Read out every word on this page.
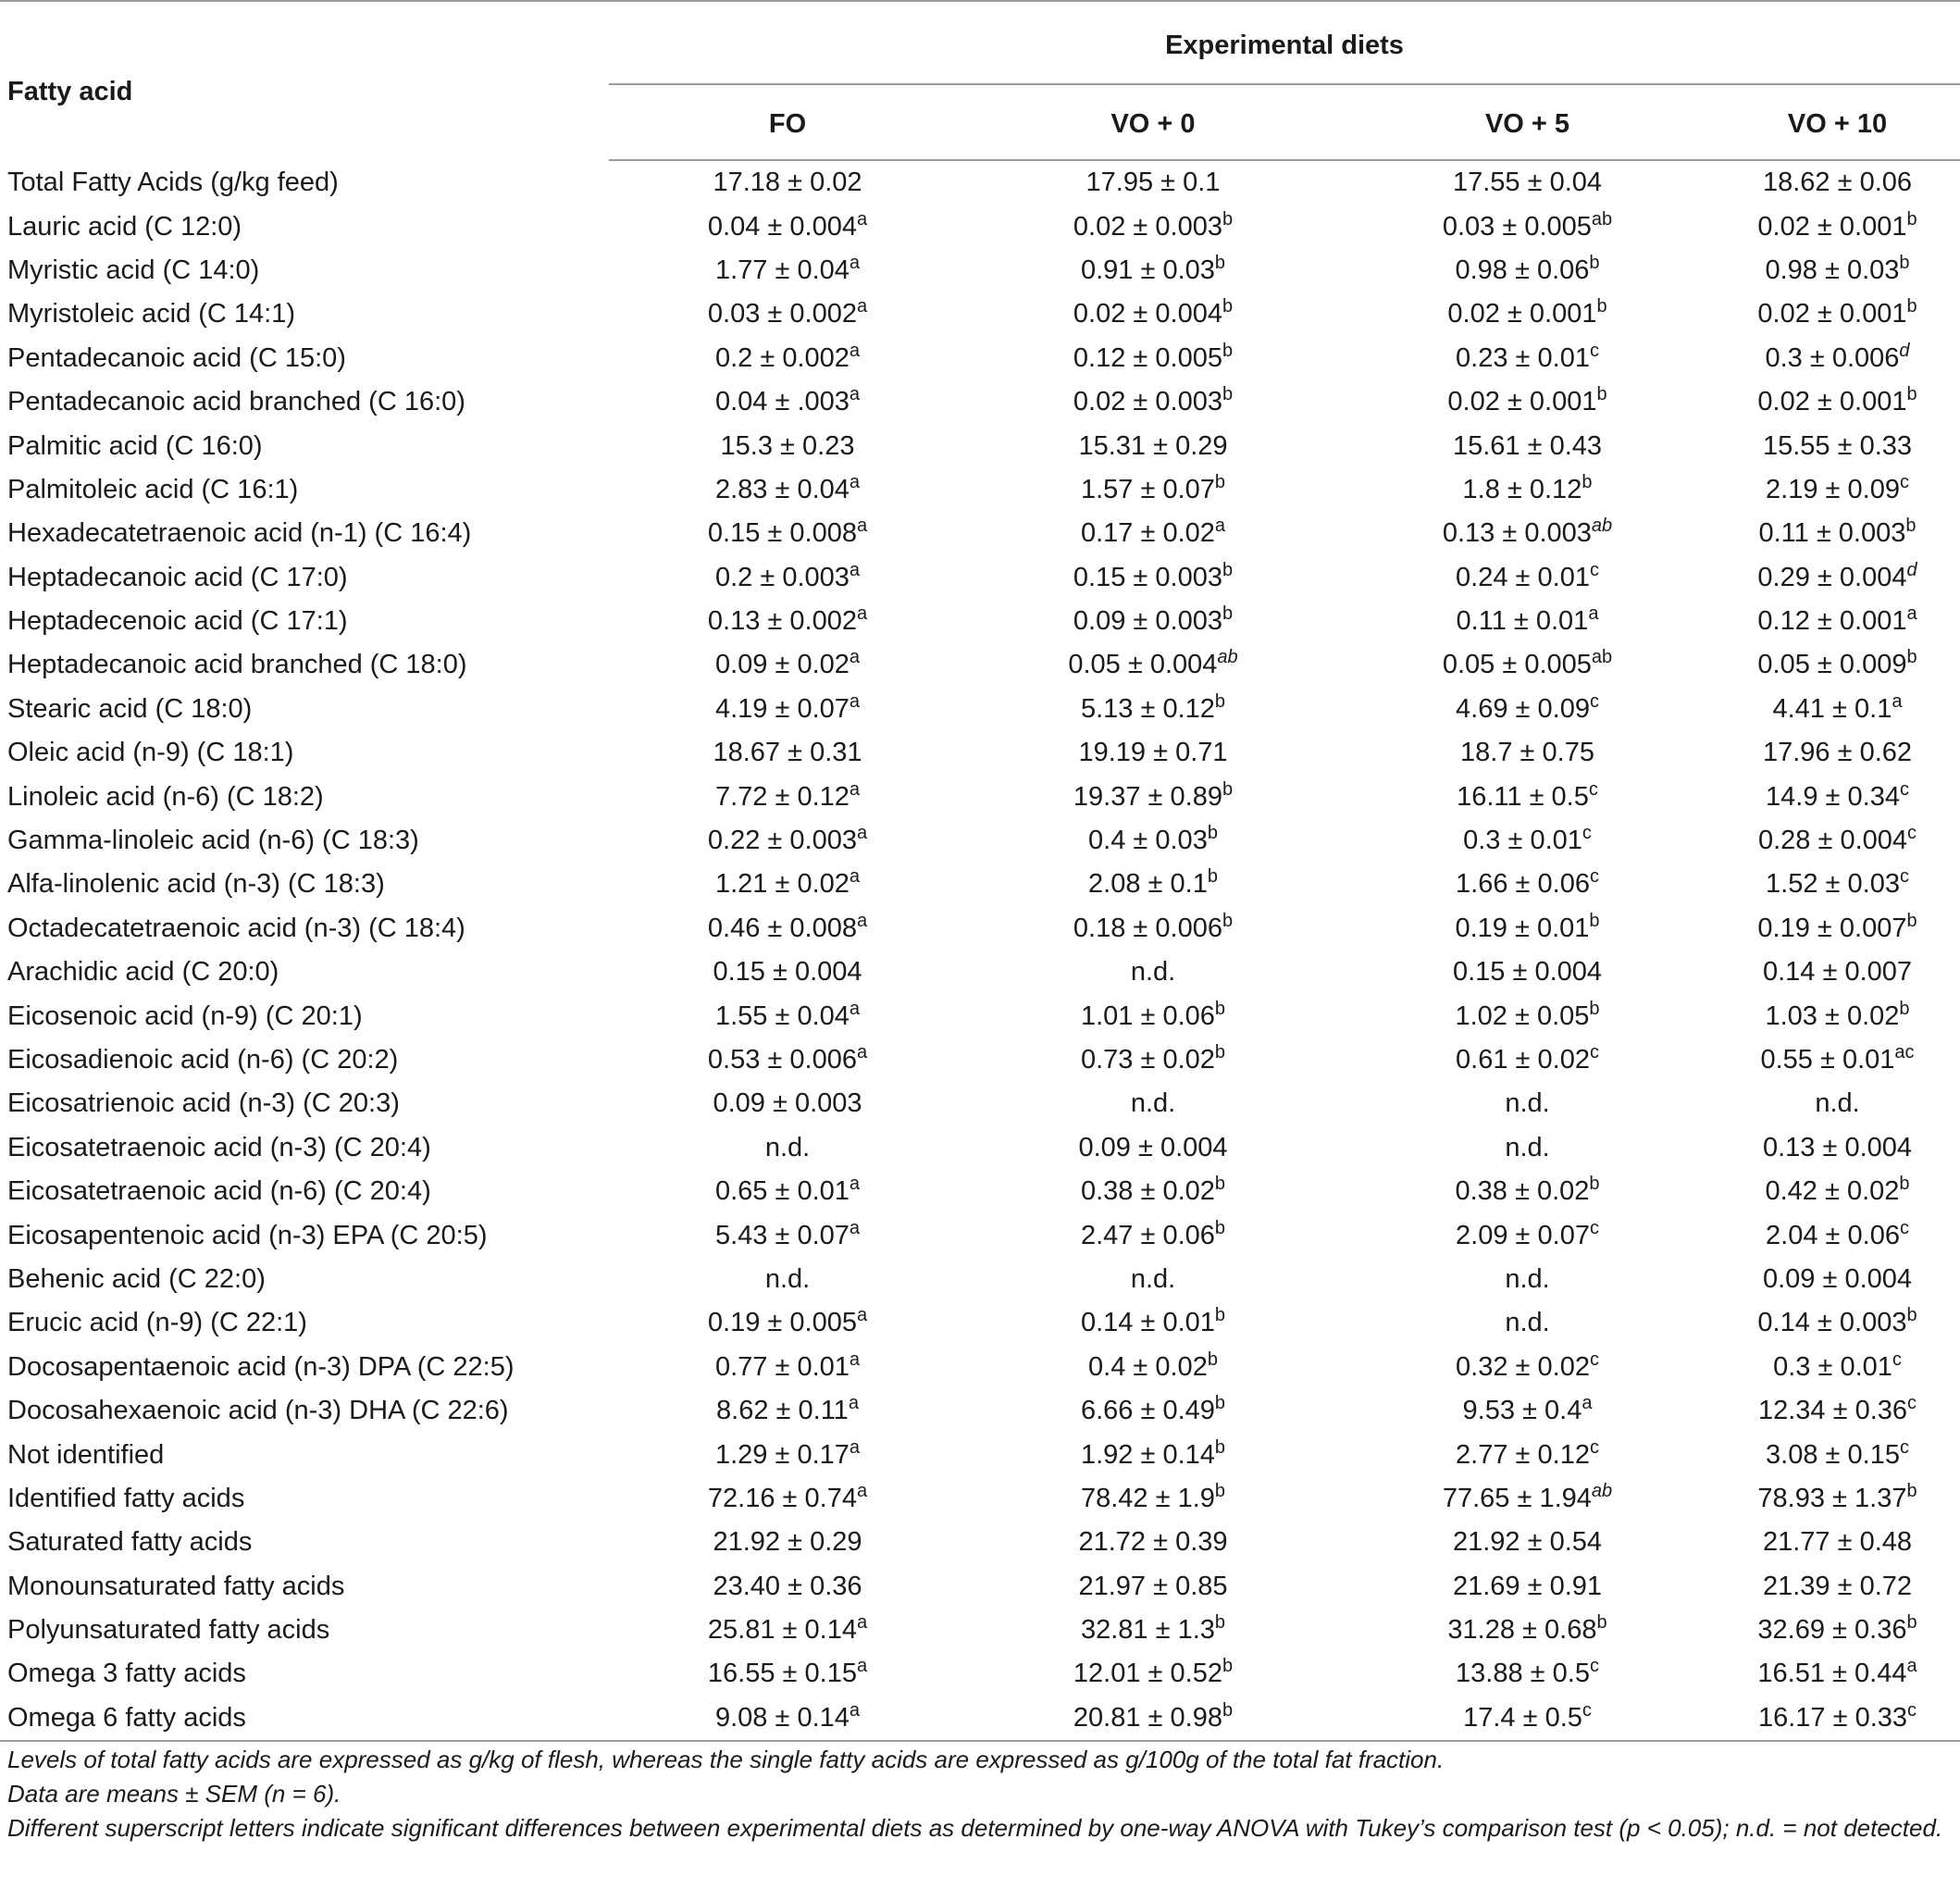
Fatty acid	Experimental diets			
	FO	VO + 0	VO + 5	VO + 10
Total Fatty Acids (g/kg feed)	17.18 ± 0.02	17.95 ± 0.1	17.55 ± 0.04	18.62 ± 0.06
Lauric acid (C 12:0)	0.04 ± 0.004$^a$	0.02 ± 0.003$^b$	0.03 ± 0.005$^{ab}$	0.02 ± 0.001$^b$
Myristic acid (C 14:0)	1.77 ± 0.04$^a$	0.91 ± 0.03$^b$	0.98 ± 0.06$^b$	0.98 ± 0.03$^b$
Myristoleic acid (C 14:1)	0.03 ± 0.002$^a$	0.02 ± 0.004$^b$	0.02 ± 0.001$^b$	0.02 ± 0.001$^b$
Pentadecanoic acid (C 15:0)	0.2 ± 0.002$^a$	0.12 ± 0.005$^b$	0.23 ± 0.01$^c$	0.3 ± 0.006$^d$
Pentadecanoic acid branched (C 16:0)	0.04 ± .003$^a$	0.02 ± 0.003$^b$	0.02 ± 0.001$^b$	0.02 ± 0.001$^b$
Palmitic acid (C 16:0)	15.3 ± 0.23	15.31 ± 0.29	15.61 ± 0.43	15.55 ± 0.33
Palmitoleic acid (C 16:1)	2.83 ± 0.04$^a$	1.57 ± 0.07$^b$	1.8 ± 0.12$^b$	2.19 ± 0.09$^c$
Hexadecatetraenoic acid (n-1) (C 16:4)	0.15 ± 0.008$^a$	0.17 ± 0.02$^a$	0.13 ± 0.003$^{ab}$	0.11 ± 0.003$^b$
Heptadecanoic acid (C 17:0)	0.2 ± 0.003$^a$	0.15 ± 0.003$^b$	0.24 ± 0.01$^c$	0.29 ± 0.004$^d$
Heptadecenoic acid (C 17:1)	0.13 ± 0.002$^a$	0.09 ± 0.003$^b$	0.11 ± 0.01$^a$	0.12 ± 0.001$^a$
Heptadecanoic acid branched (C 18:0)	0.09 ± 0.02$^a$	0.05 ± 0.004$^{ab}$	0.05 ± 0.005$^{ab}$	0.05 ± 0.009$^b$
Stearic acid (C 18:0)	4.19 ± 0.07$^a$	5.13 ± 0.12$^b$	4.69 ± 0.09$^c$	4.41 ± 0.1$^a$
Oleic acid (n-9) (C 18:1)	18.67 ± 0.31	19.19 ± 0.71	18.7 ± 0.75	17.96 ± 0.62
Linoleic acid (n-6) (C 18:2)	7.72 ± 0.12$^a$	19.37 ± 0.89$^b$	16.11 ± 0.5$^c$	14.9 ± 0.34$^c$
Gamma-linoleic acid (n-6) (C 18:3)	0.22 ± 0.003$^a$	0.4 ± 0.03$^b$	0.3 ± 0.01$^c$	0.28 ± 0.004$^c$
Alfa-linolenic acid (n-3) (C 18:3)	1.21 ± 0.02$^a$	2.08 ± 0.1$^b$	1.66 ± 0.06$^c$	1.52 ± 0.03$^c$
Octadecatetraenoic acid (n-3) (C 18:4)	0.46 ± 0.008$^a$	0.18 ± 0.006$^b$	0.19 ± 0.01$^b$	0.19 ± 0.007$^b$
Arachidic acid (C 20:0)	0.15 ± 0.004	n.d.	0.15 ± 0.004	0.14 ± 0.007
Eicosenoic acid (n-9) (C 20:1)	1.55 ± 0.04$^a$	1.01 ± 0.06$^b$	1.02 ± 0.05$^b$	1.03 ± 0.02$^b$
Eicosadienoic acid (n-6) (C 20:2)	0.53 ± 0.006$^a$	0.73 ± 0.02$^b$	0.61 ± 0.02$^c$	0.55 ± 0.01$^{ac}$
Eicosatrienoic acid (n-3) (C 20:3)	0.09 ± 0.003	n.d.	n.d.	n.d.
Eicosatetraenoic acid (n-3) (C 20:4)	n.d.	0.09 ± 0.004	n.d.	0.13 ± 0.004
Eicosatetraenoic acid (n-6) (C 20:4)	0.65 ± 0.01$^a$	0.38 ± 0.02$^b$	0.38 ± 0.02$^b$	0.42 ± 0.02$^b$
Eicosapentenoic acid (n-3) EPA (C 20:5)	5.43 ± 0.07$^a$	2.47 ± 0.06$^b$	2.09 ± 0.07$^c$	2.04 ± 0.06$^c$
Behenic acid (C 22:0)	n.d.	n.d.	n.d.	0.09 ± 0.004
Erucic acid (n-9) (C 22:1)	0.19 ± 0.005$^a$	0.14 ± 0.01$^b$	n.d.	0.14 ± 0.003$^b$
Docosapentaenoic acid (n-3) DPA (C 22:5)	0.77 ± 0.01$^a$	0.4 ± 0.02$^b$	0.32 ± 0.02$^c$	0.3 ± 0.01$^c$
Docosahexaenoic acid (n-3) DHA (C 22:6)	8.62 ± 0.11$^a$	6.66 ± 0.49$^b$	9.53 ± 0.4$^a$	12.34 ± 0.36$^c$
Not identified	1.29 ± 0.17$^a$	1.92 ± 0.14$^b$	2.77 ± 0.12$^c$	3.08 ± 0.15$^c$
Identified fatty acids	72.16 ± 0.74$^a$	78.42 ± 1.9$^b$	77.65 ± 1.94$^{ab}$	78.93 ± 1.37$^b$
Saturated fatty acids	21.92 ± 0.29	21.72 ± 0.39	21.92 ± 0.54	21.77 ± 0.48
Monounsaturated fatty acids	23.40 ± 0.36	21.97 ± 0.85	21.69 ± 0.91	21.39 ± 0.72
Polyunsaturated fatty acids	25.81 ± 0.14$^a$	32.81 ± 1.3$^b$	31.28 ± 0.68$^b$	32.69 ± 0.36$^b$
Omega 3 fatty acids	16.55 ± 0.15$^a$	12.01 ± 0.52$^b$	13.88 ± 0.5$^c$	16.51 ± 0.44$^a$
Omega 6 fatty acids	9.08 ± 0.14$^a$	20.81 ± 0.98$^b$	17.4 ± 0.5$^c$	16.17 ± 0.33$^c$

Levels of total fatty acids are expressed as g/kg of flesh, whereas the single fatty acids are expressed as g/100g of the total fat fraction.

Data are means ± SEM (n = 6).

Different superscript letters indicate significant differences between experimental diets as determined by one-way ANOVA with Tukey’s comparison test (p < 0.05); n.d. = not detected.
